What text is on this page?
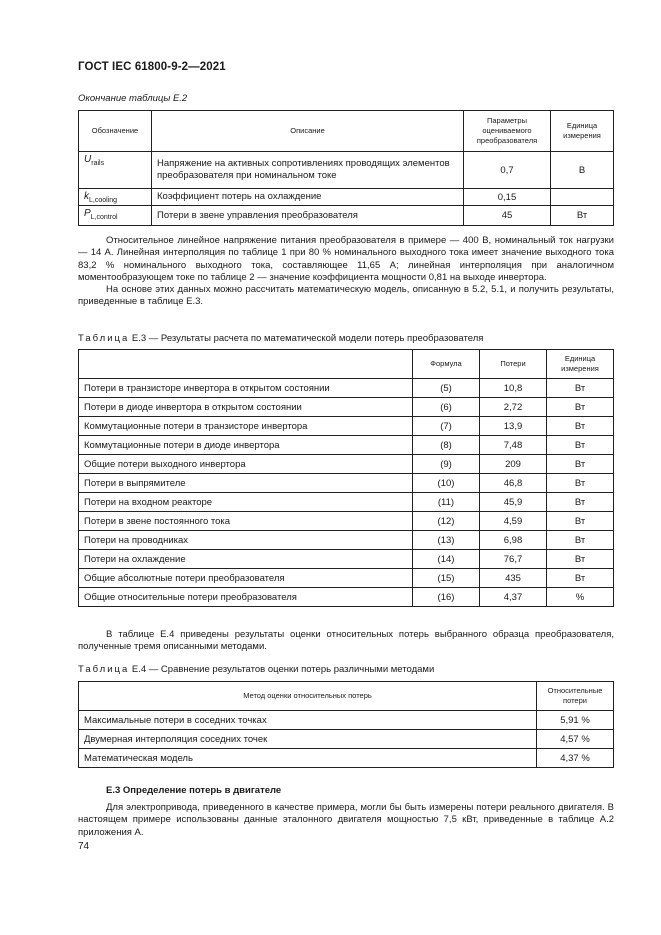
ГОСТ IEC 61800-9-2—2021
Окончание таблицы Е.2
Обозначение	Описание	Параметры оцениваемого преобразователя	Единица измерения
$U_{rails}$	Напряжение на активных сопротивлениях проводящих элементов преобразователя при номинальном токе	0,7	В
$k_{L,cooling}$	Коэффициент потерь на охлаждение	0,15	
$P_{L,control}$	Потери в звене управления преобразователя	45	Вт

Относительное линейное напряжение питания преобразователя в примере — 400 В, номинальный ток нагрузки — 14 А. Линейная интерполяция по таблице 1 при 80 % номинального выходного тока имеет значение выходного тока 83,2 % номинального выходного тока, составляющее 11,65 А; линейная интерполяция при аналогичном моментообразующем токе по таблице 2 — значение коэффициента мощности 0,81 на выходе инвертора.

На основе этих данных можно рассчитать математическую модель, описанную в 5.2, 5.1, и получить результаты, приведенные в таблице Е.3.

Таблица Е.3 — Результаты расчета по математической модели потерь преобразователя
	Формула	Потери	Единица измерения
Потери в транзисторе инвертора в открытом состоянии	(5)	10,8	Вт
Потери в диоде инвертора в открытом состоянии	(6)	2,72	Вт
Коммутационные потери в транзисторе инвертора	(7)	13,9	Вт
Коммутационные потери в диоде инвертора	(8)	7,48	Вт
Общие потери выходного инвертора	(9)	209	Вт
Потери в выпрямителе	(10)	46,8	Вт
Потери на входном реакторе	(11)	45,9	Вт
Потери в звене постоянного тока	(12)	4,59	Вт
Потери на проводниках	(13)	6,98	Вт
Потери на охлаждение	(14)	76,7	Вт
Общие абсолютные потери преобразователя	(15)	435	Вт
Общие относительные потери преобразователя	(16)	4,37	%

В таблице Е.4 приведены результаты оценки относительных потерь выбранного образца преобразователя, полученные тремя описанными методами.

Таблица Е.4 — Сравнение результатов оценки потерь различными методами
Метод оценки относительных потерь	Относительные потери
Максимальные потери в соседних точках	5,91 %
Двумерная интерполяция соседних точек	4,57 %
Математическая модель	4,37 %
Е.3 Определение потерь в двигателе

Для электропривода, приведенного в качестве примера, могли бы быть измерены потери реального двигателя. В настоящем примере использованы данные эталонного двигателя мощностью 7,5 кВт, приведенные в таблице А.2 приложения А.

74
